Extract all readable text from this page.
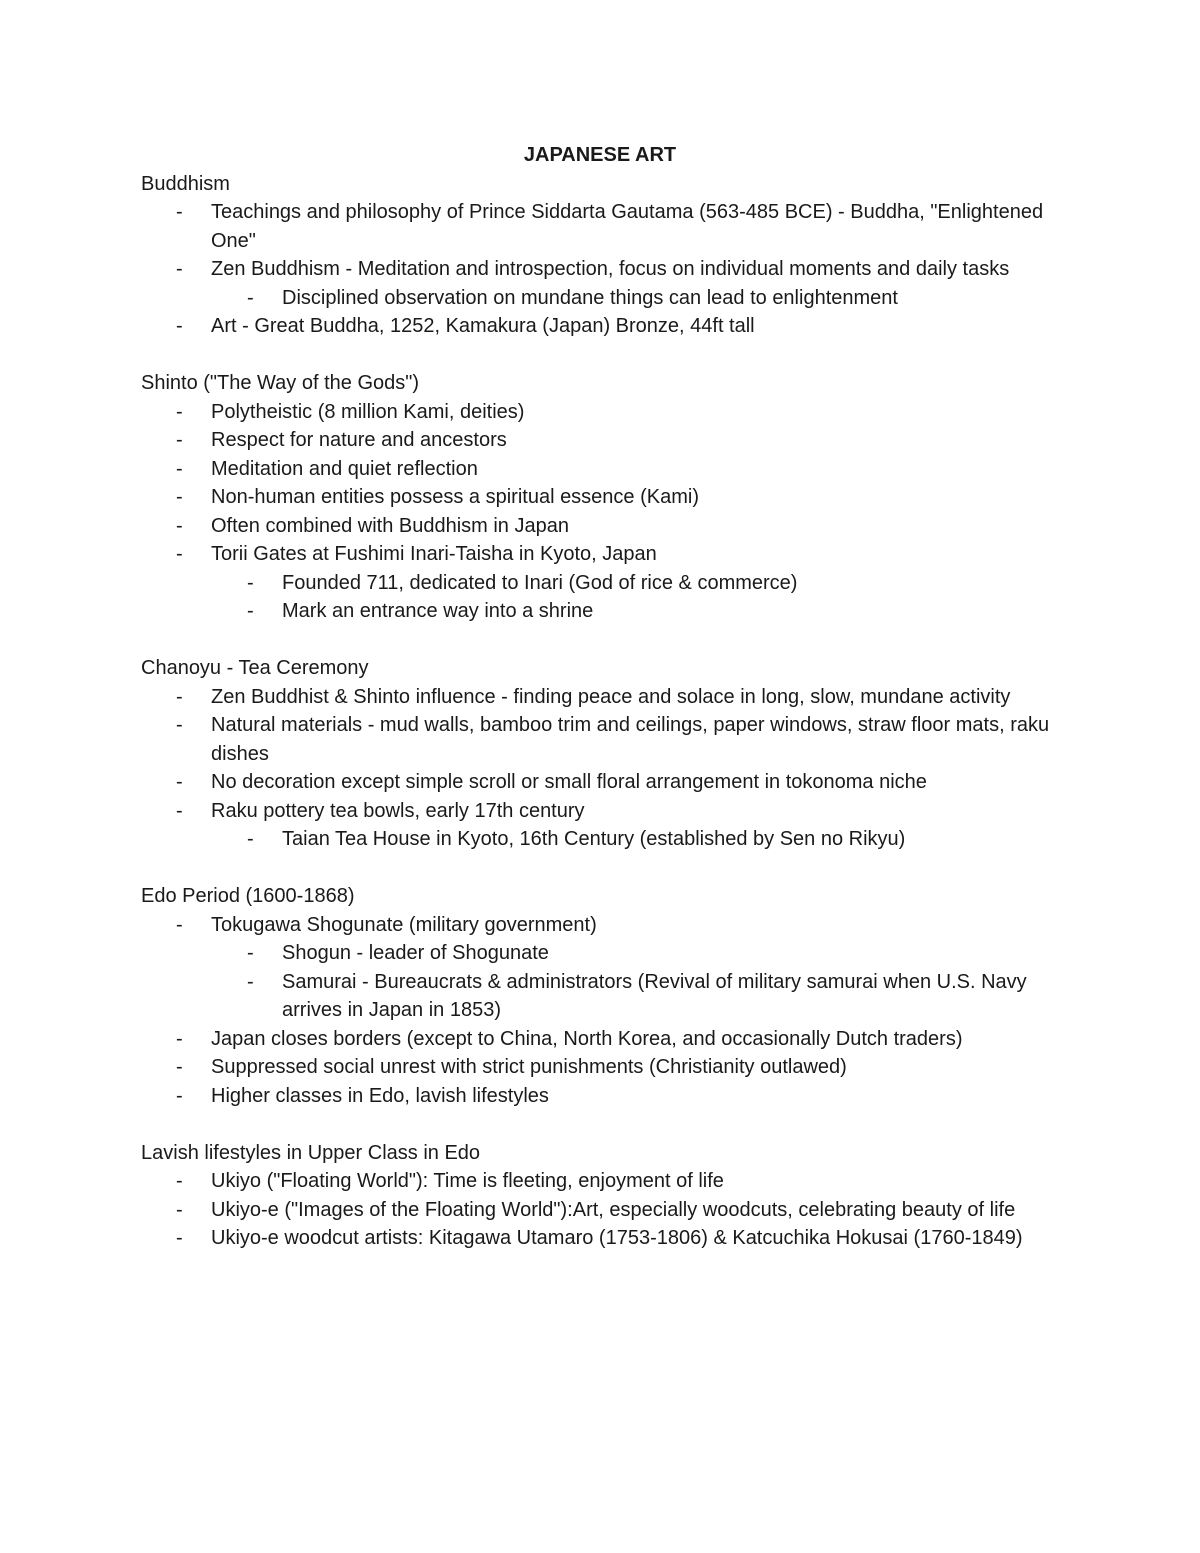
JAPANESE ART
Buddhism
- Teachings and philosophy of Prince Siddarta Gautama (563-485 BCE) - Buddha, "Enlightened One"
- Zen Buddhism - Meditation and introspection, focus on individual moments and daily tasks
- Disciplined observation on mundane things can lead to enlightenment
- Art - Great Buddha, 1252, Kamakura (Japan) Bronze, 44ft tall
Shinto ("The Way of the Gods")
- Polytheistic (8 million Kami, deities)
- Respect for nature and ancestors
- Meditation and quiet reflection
- Non-human entities possess a spiritual essence (Kami)
- Often combined with Buddhism in Japan
- Torii Gates at Fushimi Inari-Taisha in Kyoto, Japan
- Founded 711, dedicated to Inari (God of rice & commerce)
- Mark an entrance way into a shrine
Chanoyu - Tea Ceremony
- Zen Buddhist & Shinto influence - finding peace and solace in long, slow, mundane activity
- Natural materials - mud walls, bamboo trim and ceilings, paper windows, straw floor mats, raku dishes
- No decoration except simple scroll or small floral arrangement in tokonoma niche
- Raku pottery tea bowls, early 17th century
- Taian Tea House in Kyoto, 16th Century (established by Sen no Rikyu)
Edo Period (1600-1868)
- Tokugawa Shogunate (military government)
- Shogun - leader of Shogunate
- Samurai - Bureaucrats & administrators (Revival of military samurai when U.S. Navy arrives in Japan in 1853)
- Japan closes borders (except to China, North Korea, and occasionally Dutch traders)
- Suppressed social unrest with strict punishments (Christianity outlawed)
- Higher classes in Edo, lavish lifestyles
Lavish lifestyles in Upper Class in Edo
- Ukiyo ("Floating World"): Time is fleeting, enjoyment of life
- Ukiyo-e ("Images of the Floating World"):Art, especially woodcuts, celebrating beauty of life
- Ukiyo-e woodcut artists: Kitagawa Utamaro (1753-1806) & Katcuchika Hokusai (1760-1849)
